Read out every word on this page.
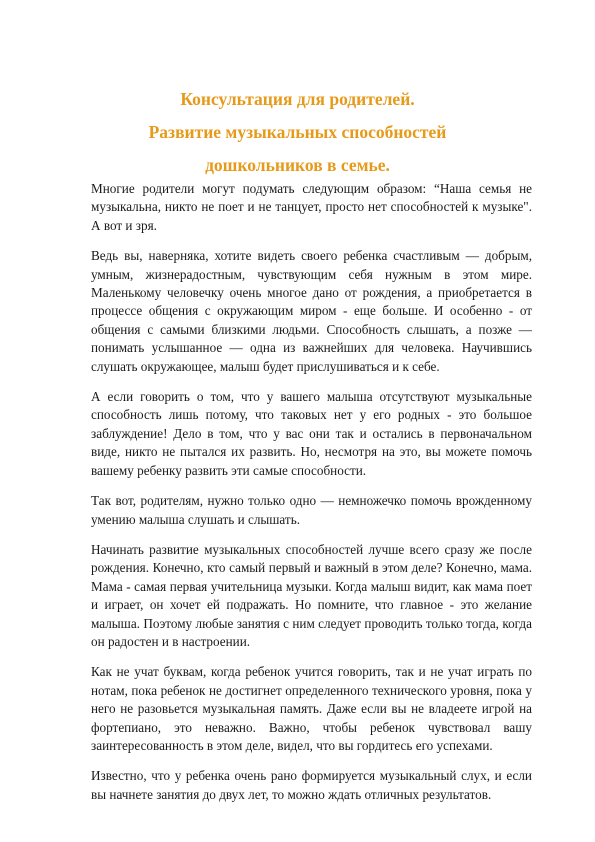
Консультация для родителей.
Развитие музыкальных способностей
дошкольников в семье.

Многие родители могут подумать следующим образом: “Наша семья не музыкальна, никто не поет и не танцует, просто нет способностей к музыке". А вот и зря.

Ведь вы, наверняка, хотите видеть своего ребенка счастливым — добрым, умным, жизнерадостным, чувствующим себя нужным в этом мире. Маленькому человечку очень многое дано от рождения, а приобретается в процессе общения с окружающим миром - еще больше. И особенно - от общения с самыми близкими людьми. Способность слышать, а позже — понимать услышанное — одна из важнейших для человека. Научившись слушать окружающее, малыш будет прислушиваться и к себе.

А если говорить о том, что у вашего малыша отсутствуют музыкальные способность лишь потому, что таковых нет у его родных - это большое заблуждение! Дело в том, что у вас они так и остались в первоначальном виде, никто не пытался их развить. Но, несмотря на это, вы можете помочь вашему ребенку развить эти самые способности.

Так вот, родителям, нужно только одно — немножечко помочь врожденному умению малыша слушать и слышать.

Начинать развитие музыкальных способностей лучше всего сразу же после рождения. Конечно, кто самый первый и важный в этом деле? Конечно, мама. Мама - самая первая учительница музыки. Когда малыш видит, как мама поет и играет, он хочет ей подражать. Но помните, что главное - это желание малыша. Поэтому любые занятия с ним следует проводить только тогда, когда он радостен и в настроении.

Как не учат буквам, когда ребенок учится говорить, так и не учат играть по нотам, пока ребенок не достигнет определенного технического уровня, пока у него не разовьется музыкальная память. Даже если вы не владеете игрой на фортепиано, это неважно. Важно, чтобы ребенок чувствовал вашу заинтересованность в этом деле, видел, что вы гордитесь его успехами.

Известно, что у ребенка очень рано формируется музыкальный слух, и если вы начнете занятия до двух лет, то можно ждать отличных результатов.
